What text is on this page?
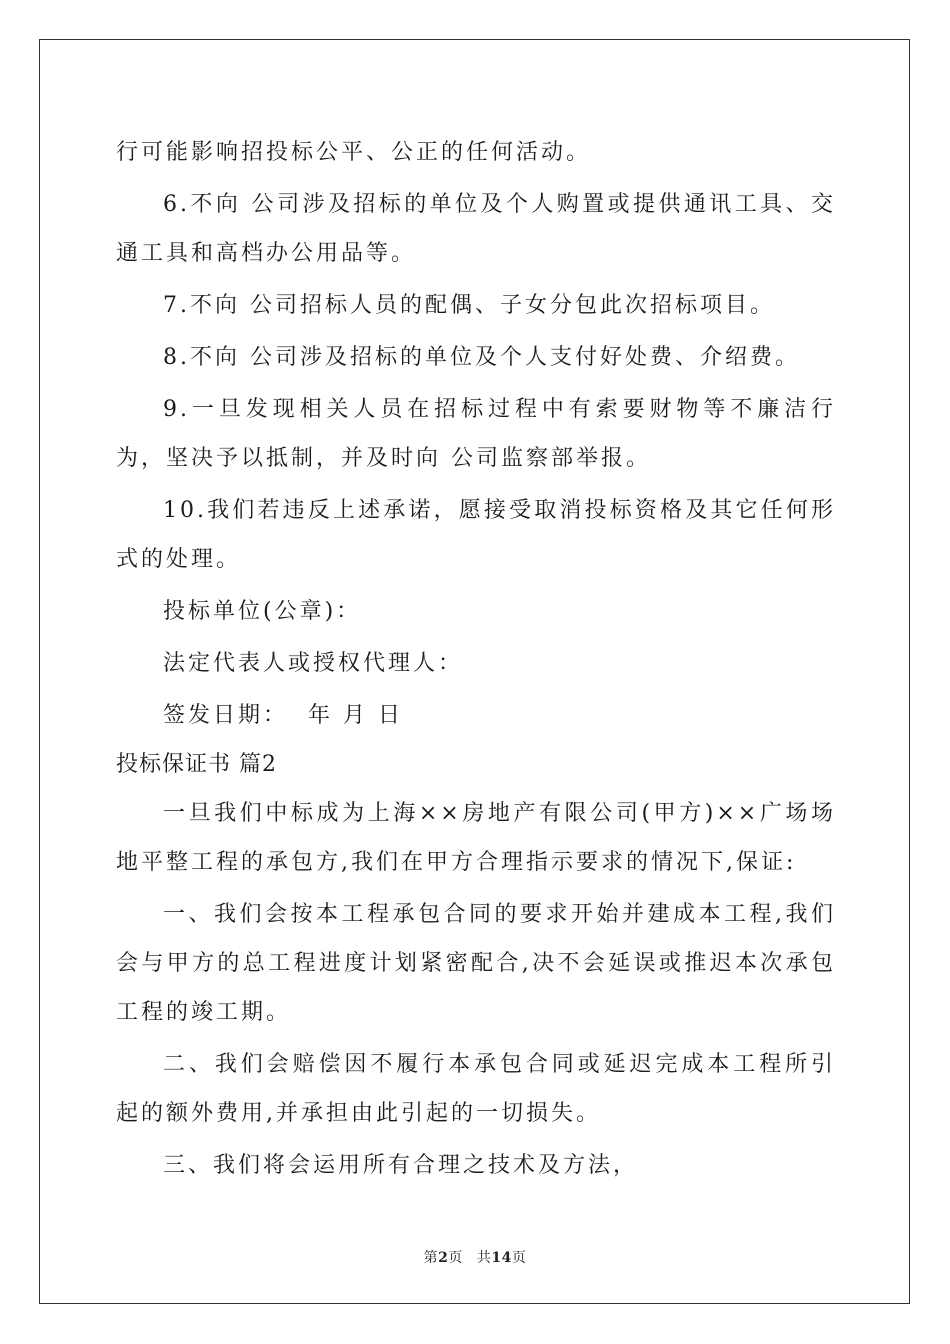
行可能影响招投标公平、公正的任何活动。

6.不向 公司涉及招标的单位及个人购置或提供通讯工具、交通工具和高档办公用品等。

7.不向 公司招标人员的配偶、子女分包此次招标项目。

8.不向 公司涉及招标的单位及个人支付好处费、介绍费。

9.一旦发现相关人员在招标过程中有索要财物等不廉洁行为，坚决予以抵制，并及时向 公司监察部举报。

10.我们若违反上述承诺，愿接受取消投标资格及其它任何形式的处理。

投标单位(公章)：

法定代表人或授权代理人：

签发日期：  年 月 日

投标保证书 篇2

一旦我们中标成为上海××房地产有限公司(甲方)××广场场地平整工程的承包方,我们在甲方合理指示要求的情况下,保证:

一、我们会按本工程承包合同的要求开始并建成本工程,我们会与甲方的总工程进度计划紧密配合,决不会延误或推迟本次承包工程的竣工期。

二、我们会赔偿因不履行本承包合同或延迟完成本工程所引起的额外费用,并承担由此引起的一切损失。

三、我们将会运用所有合理之技术及方法，

第2页 共14页
